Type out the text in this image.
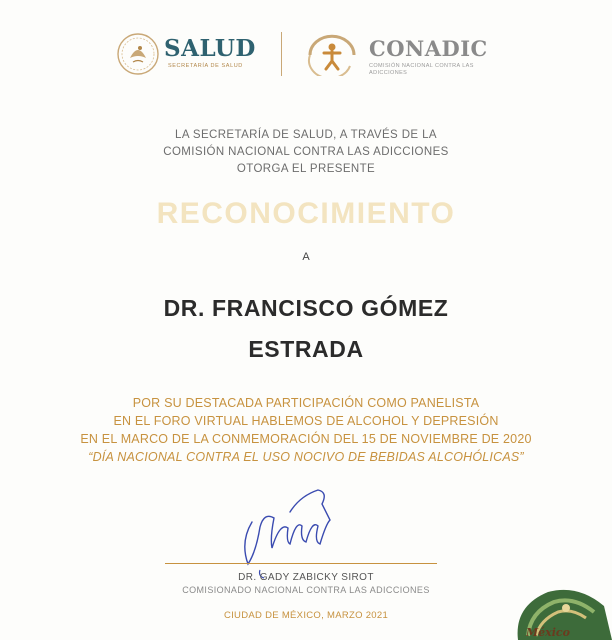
SALUD
SECRETARÍA DE SALUD
CONADIC
COMISIÓN NACIONAL CONTRA LAS ADICCIONES
LA SECRETARÍA DE SALUD, A TRAVÉS DE LA
COMISIÓN NACIONAL CONTRA LAS ADICCIONES
OTORGA EL PRESENTE
RECONOCIMIENTO
A
DR. FRANCISCO GÓMEZ
ESTRADA
POR SU DESTACADA PARTICIPACIÓN COMO PANELISTA
EN EL FORO VIRTUAL HABLEMOS DE ALCOHOL Y DEPRESIÓN
EN EL MARCO DE LA CONMEMORACIÓN DEL 15 DE NOVIEMBRE DE 2020
“DÍA NACIONAL CONTRA EL USO NOCIVO DE BEBIDAS ALCOHÓLICAS”
DR. GADY ZABICKY SIROT
COMISIONADO NACIONAL CONTRA LAS ADICCIONES
CIUDAD DE MÉXICO, MARZO 2021
México
